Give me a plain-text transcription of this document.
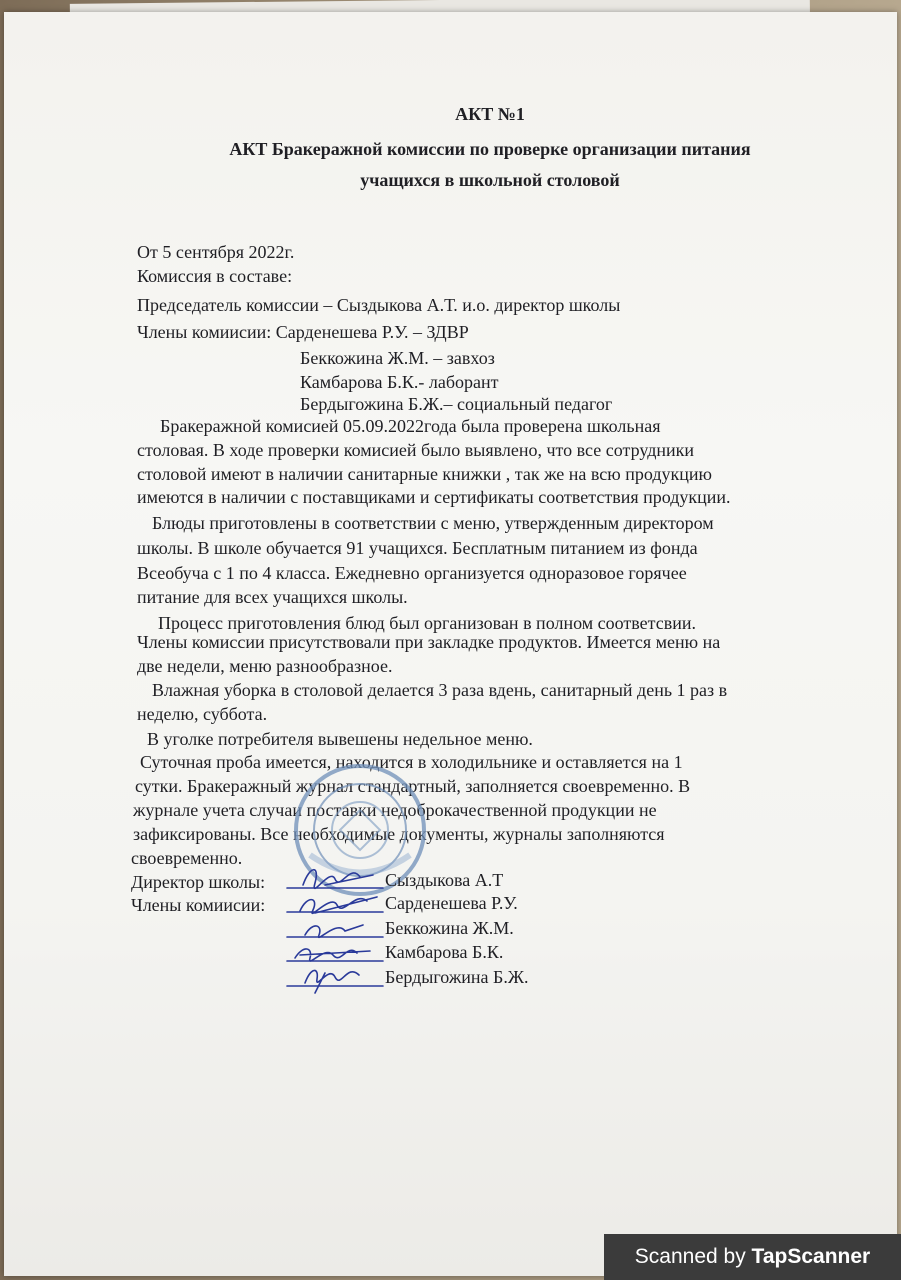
АКТ №1
АКТ Бракеражной комиссии по проверке организации питания
учащихся в школьной столовой
От 5 сентября 2022г.
Комиссия в составе:
Председатель комиссии – Сыздыкова А.Т. и.о. директор школы
Члены комиисии: Сарденешева Р.У. – ЗДВР
Беккожина Ж.М. – завхоз
Камбарова Б.К.- лаборант
Бердыгожина Б.Ж.– социальный педагог
Бракеражной комисией 05.09.2022года была проверена школьная
столовая. В ходе проверки комисией было выявлено, что все сотрудники
столовой имеют в наличии санитарные книжки , так же на всю продукцию
имеются в наличии с поставщиками и сертификаты соответствия продукции.
Блюды приготовлены в соответствии с меню, утвержденным директором
школы. В школе обучается 91 учащихся. Бесплатным питанием из фонда
Всеобуча с 1 по 4 класса. Ежедневно организуется одноразовое горячее
питание для всех учащихся школы.
Процесс приготовления блюд был организован в полном соответсвии.
Члены комиссии присутствовали при закладке продуктов. Имеется меню на
две недели, меню разнообразное.
Влажная уборка в столовой делается 3 раза вдень, санитарный день 1 раз в
неделю, суббота.
В уголке потребителя вывешены недельное меню.
Суточная проба имеется, находится в холодильнике и оставляется на 1
сутки. Бракеражный журнал стандартный, заполняется своевременно. В
журнале учета случаи поставки недоброкачественной продукции не
зафиксированы. Все необходимые документы, журналы заполняются
своевременно.
Директор школы:	Сыздыкова А.Т
Члены комиисии:	Сарденешева Р.У.
Беккожина Ж.М.
Камбарова Б.К.
Бердыгожина Б.Ж.
Scanned by TapScanner
